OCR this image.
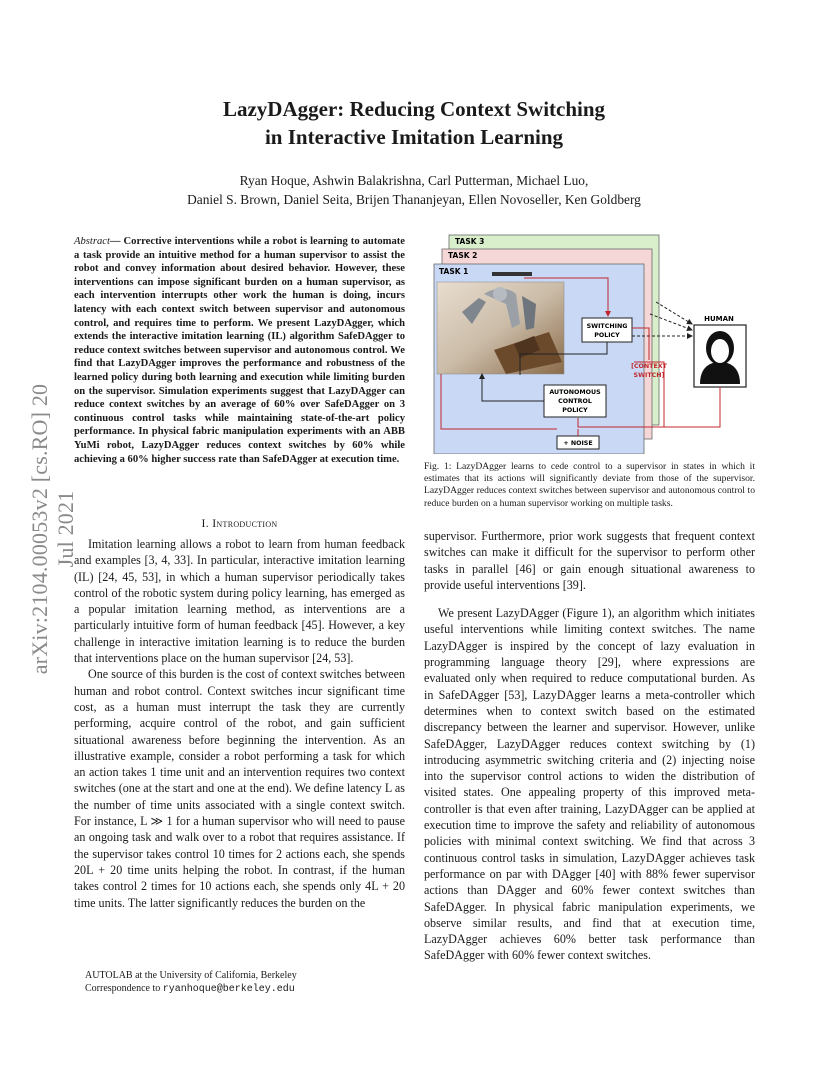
arXiv:2104.00053v2 [cs.RO] 20 Jul 2021
LazyDAgger: Reducing Context Switching
in Interactive Imitation Learning
Ryan Hoque, Ashwin Balakrishna, Carl Putterman, Michael Luo,
Daniel S. Brown, Daniel Seita, Brijen Thananjeyan, Ellen Novoseller, Ken Goldberg
Abstract— Corrective interventions while a robot is learning to automate a task provide an intuitive method for a human supervisor to assist the robot and convey information about desired behavior. However, these interventions can impose significant burden on a human supervisor, as each intervention interrupts other work the human is doing, incurs latency with each context switch between supervisor and autonomous control, and requires time to perform. We present LazyDAgger, which extends the interactive imitation learning (IL) algorithm SafeDAgger to reduce context switches between supervisor and autonomous control. We find that LazyDAgger improves the performance and robustness of the learned policy during both learning and execution while limiting burden on the supervisor. Simulation experiments suggest that LazyDAgger can reduce context switches by an average of 60% over SafeDAgger on 3 continuous control tasks while maintaining state-of-the-art policy performance. In physical fabric manipulation experiments with an ABB YuMi robot, LazyDAgger reduces context switches by 60% while achieving a 60% higher success rate than SafeDAgger at execution time.
I. Introduction

Imitation learning allows a robot to learn from human feedback and examples [3, 4, 33]. In particular, interactive imitation learning (IL) [24, 45, 53], in which a human supervisor periodically takes control of the robotic system during policy learning, has emerged as a popular imitation learning method, as interventions are a particularly intuitive form of human feedback [45]. However, a key challenge in interactive imitation learning is to reduce the burden that interventions place on the human supervisor [24, 53].

One source of this burden is the cost of context switches between human and robot control. Context switches incur significant time cost, as a human must interrupt the task they are currently performing, acquire control of the robot, and gain sufficient situational awareness before beginning the intervention. As an illustrative example, consider a robot performing a task for which an action takes 1 time unit and an intervention requires two context switches (one at the start and one at the end). We define latency L as the number of time units associated with a single context switch. For instance, L ≫ 1 for a human supervisor who will need to pause an ongoing task and walk over to a robot that requires assistance. If the supervisor takes control 10 times for 2 actions each, she spends 20L + 20 time units helping the robot. In contrast, if the human takes control 2 times for 10 actions each, she spends only 4L + 20 time units. The latter significantly reduces the burden on the

AUTOLAB at the University of California, Berkeley
Correspondence to ryanhoque@berkeley.edu
TASK 3
TASK 2
TASK 1
SWITCHING
POLICY
AUTONOMOUS
CONTROL
POLICY
+ NOISE
[CONTEXT
SWITCH]
HUMAN
Fig. 1: LazyDAgger learns to cede control to a supervisor in states in which it estimates that its actions will significantly deviate from those of the supervisor. LazyDAgger reduces context switches between supervisor and autonomous control to reduce burden on a human supervisor working on multiple tasks.

supervisor. Furthermore, prior work suggests that frequent context switches can make it difficult for the supervisor to perform other tasks in parallel [46] or gain enough situational awareness to provide useful interventions [39].

We present LazyDAgger (Figure 1), an algorithm which initiates useful interventions while limiting context switches. The name LazyDAgger is inspired by the concept of lazy evaluation in programming language theory [29], where expressions are evaluated only when required to reduce computational burden. As in SafeDAgger [53], LazyDAgger learns a meta-controller which determines when to context switch based on the estimated discrepancy between the learner and supervisor. However, unlike SafeDAgger, LazyDAgger reduces context switching by (1) introducing asymmetric switching criteria and (2) injecting noise into the supervisor control actions to widen the distribution of visited states. One appealing property of this improved meta-controller is that even after training, LazyDAgger can be applied at execution time to improve the safety and reliability of autonomous policies with minimal context switching. We find that across 3 continuous control tasks in simulation, LazyDAgger achieves task performance on par with DAgger [40] with 88% fewer supervisor actions than DAgger and 60% fewer context switches than SafeDAgger. In physical fabric manipulation experiments, we observe similar results, and find that at execution time, LazyDAgger achieves 60% better task performance than SafeDAgger with 60% fewer context switches.
